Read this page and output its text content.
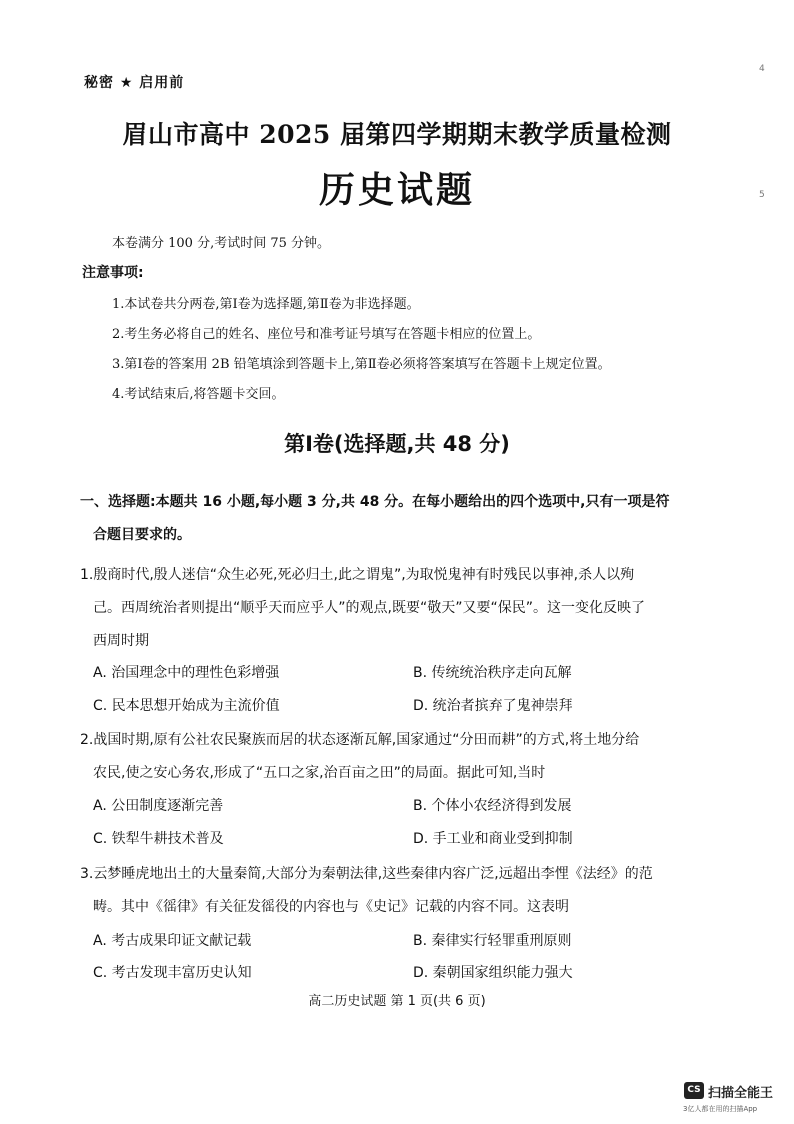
秘密 ★ 启用前
4
5
眉山市高中 2025 届第四学期期末教学质量检测
历史试题
本卷满分 100 分,考试时间 75 分钟。
注意事项:
1.本试卷共分两卷,第Ⅰ卷为选择题,第Ⅱ卷为非选择题。
2.考生务必将自己的姓名、座位号和准考证号填写在答题卡相应的位置上。
3.第Ⅰ卷的答案用 2B 铅笔填涂到答题卡上,第Ⅱ卷必须将答案填写在答题卡上规定位置。
4.考试结束后,将答题卡交回。
第Ⅰ卷(选择题,共 48 分)
一、选择题:本题共 16 小题,每小题 3 分,共 48 分。在每小题给出的四个选项中,只有一项是符
合题目要求的。
1.殷商时代,殷人迷信“众生必死,死必归土,此之谓鬼”,为取悦鬼神有时残民以事神,杀人以殉
己。西周统治者则提出“顺乎天而应乎人”的观点,既要“敬天”又要“保民”。这一变化反映了
西周时期
A. 治国理念中的理性色彩增强	B. 传统统治秩序走向瓦解
C. 民本思想开始成为主流价值	D. 统治者摈弃了鬼神崇拜
2.战国时期,原有公社农民聚族而居的状态逐渐瓦解,国家通过“分田而耕”的方式,将土地分给
农民,使之安心务农,形成了“五口之家,治百亩之田”的局面。据此可知,当时
A. 公田制度逐渐完善	B. 个体小农经济得到发展
C. 铁犁牛耕技术普及	D. 手工业和商业受到抑制
3.云梦睡虎地出土的大量秦简,大部分为秦朝法律,这些秦律内容广泛,远超出李悝《法经》的范
畴。其中《徭律》有关征发徭役的内容也与《史记》记载的内容不同。这表明
A. 考古成果印证文献记载	B. 秦律实行轻罪重刑原则
C. 考古发现丰富历史认知	D. 秦朝国家组织能力强大
高二历史试题 第 1 页(共 6 页)
CS 扫描全能王
3亿人都在用的扫描App
